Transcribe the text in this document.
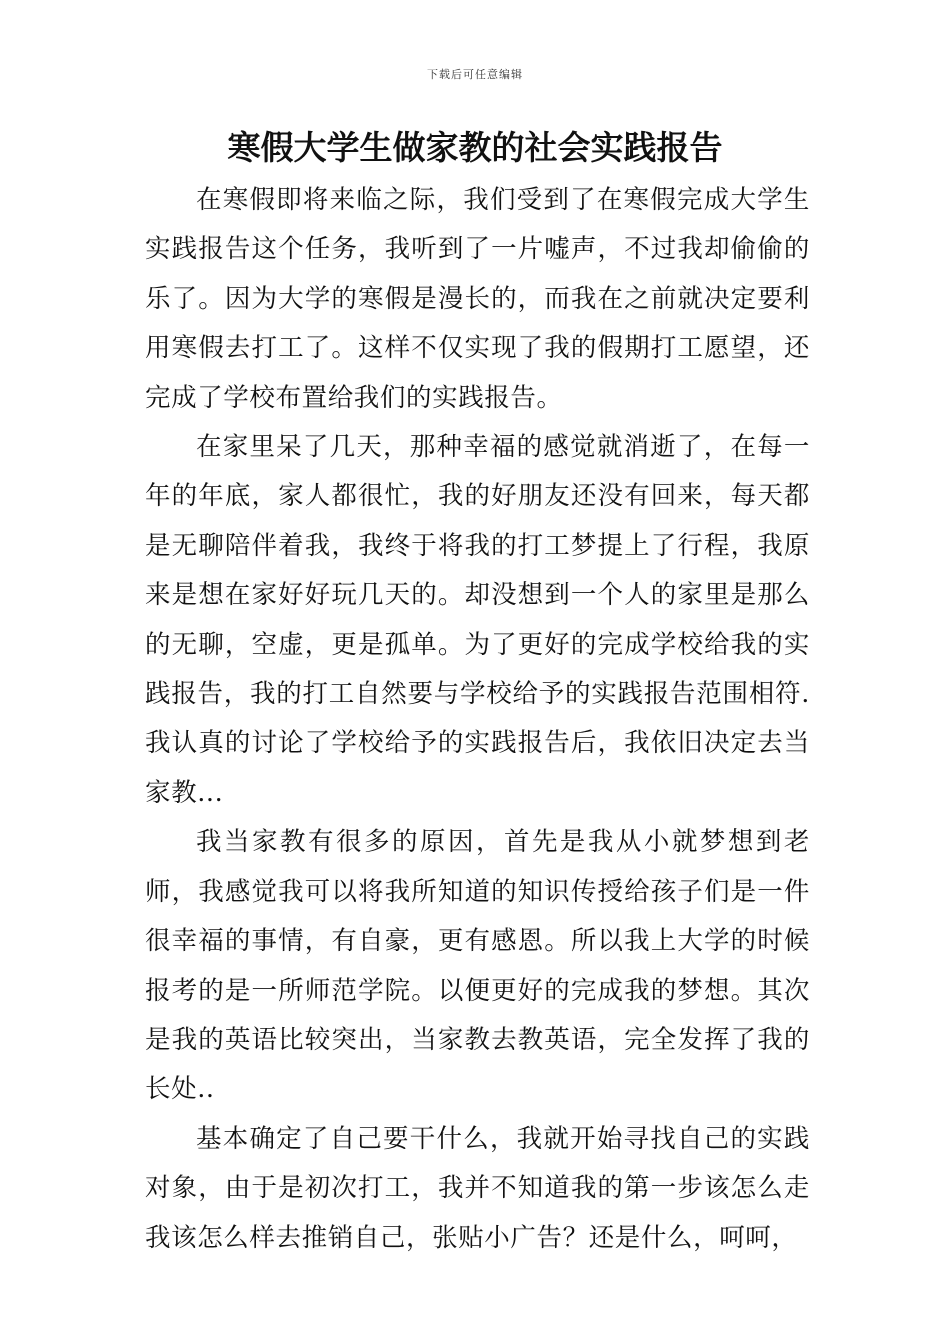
下载后可任意编辑
寒假大学生做家教的社会实践报告

在寒假即将来临之际，我们受到了在寒假完成大学生实践报告这个任务，我听到了一片嘘声，不过我却偷偷的乐了。因为大学的寒假是漫长的，而我在之前就决定要利用寒假去打工了。这样不仅实现了我的假期打工愿望，还完成了学校布置给我们的实践报告。

在家里呆了几天，那种幸福的感觉就消逝了，在每一年的年底，家人都很忙，我的好朋友还没有回来，每天都是无聊陪伴着我，我终于将我的打工梦提上了行程，我原来是想在家好好玩几天的。却没想到一个人的家里是那么的无聊，空虚，更是孤单。为了更好的完成学校给我的实践报告，我的打工自然要与学校给予的实践报告范围相符.我认真的讨论了学校给予的实践报告后，我依旧决定去当家教...

我当家教有很多的原因，首先是我从小就梦想到老师，我感觉我可以将我所知道的知识传授给孩子们是一件很幸福的事情，有自豪，更有感恩。所以我上大学的时候报考的是一所师范学院。以便更好的完成我的梦想。其次是我的英语比较突出，当家教去教英语，完全发挥了我的长处..

基本确定了自己要干什么，我就开始寻找自己的实践对象，由于是初次打工，我并不知道我的第一步该怎么走我该怎么样去推销自己，张贴小广告？还是什么，呵呵，
